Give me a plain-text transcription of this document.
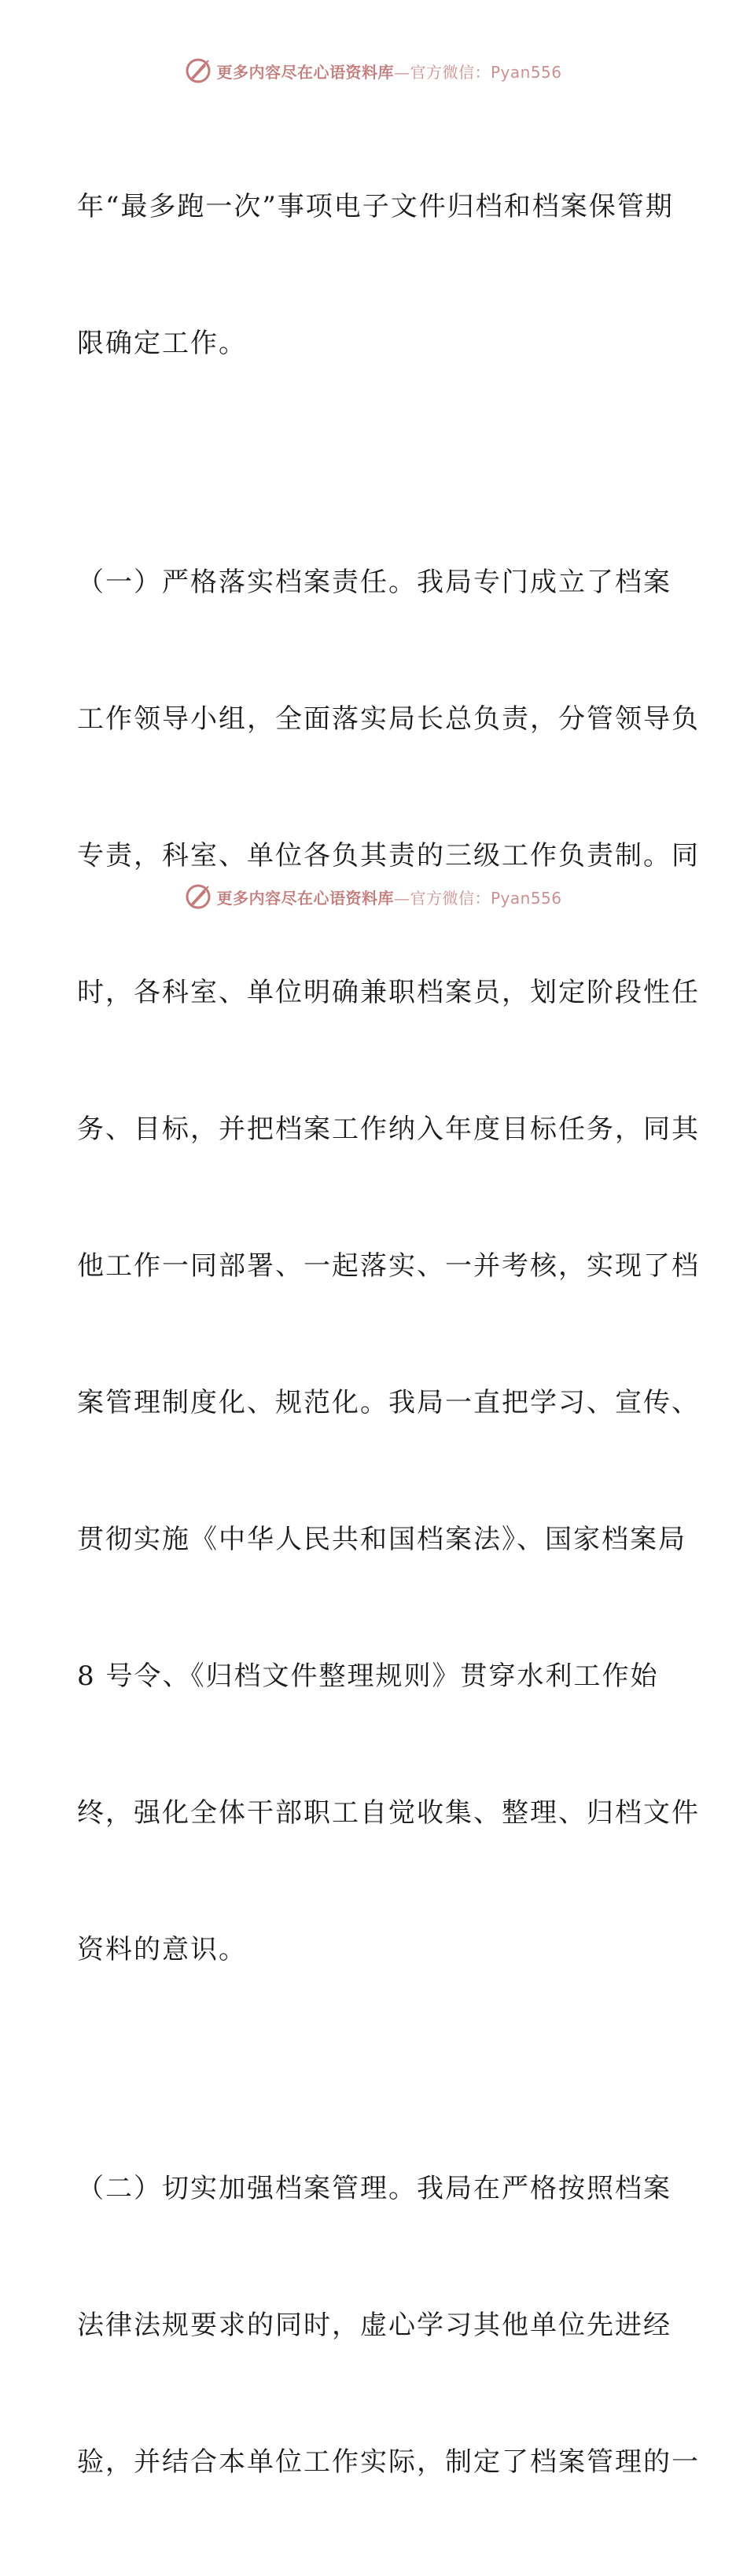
更多内容尽在心语资料库—官方微信：Pyan556

年“最多跑一次”事项电子文件归档和档案保管期

限确定工作。

（一）严格落实档案责任。我局专门成立了档案

工作领导小组，全面落实局长总负责，分管领导负

专责，科室、单位各负其责的三级工作负责制。同

时，各科室、单位明确兼职档案员，划定阶段性任

务、目标，并把档案工作纳入年度目标任务，同其

他工作一同部署、一起落实、一并考核，实现了档

案管理制度化、规范化。我局一直把学习、宣传、

贯彻实施《中华人民共和国档案法》、国家档案局

8 号令、《归档文件整理规则》贯穿水利工作始

终，强化全体干部职工自觉收集、整理、归档文件

资料的意识。

（二）切实加强档案管理。我局在严格按照档案

法律法规要求的同时，虚心学习其他单位先进经

验，并结合本单位工作实际，制定了档案管理的一

更多内容尽在心语资料库—官方微信：Pyan556
